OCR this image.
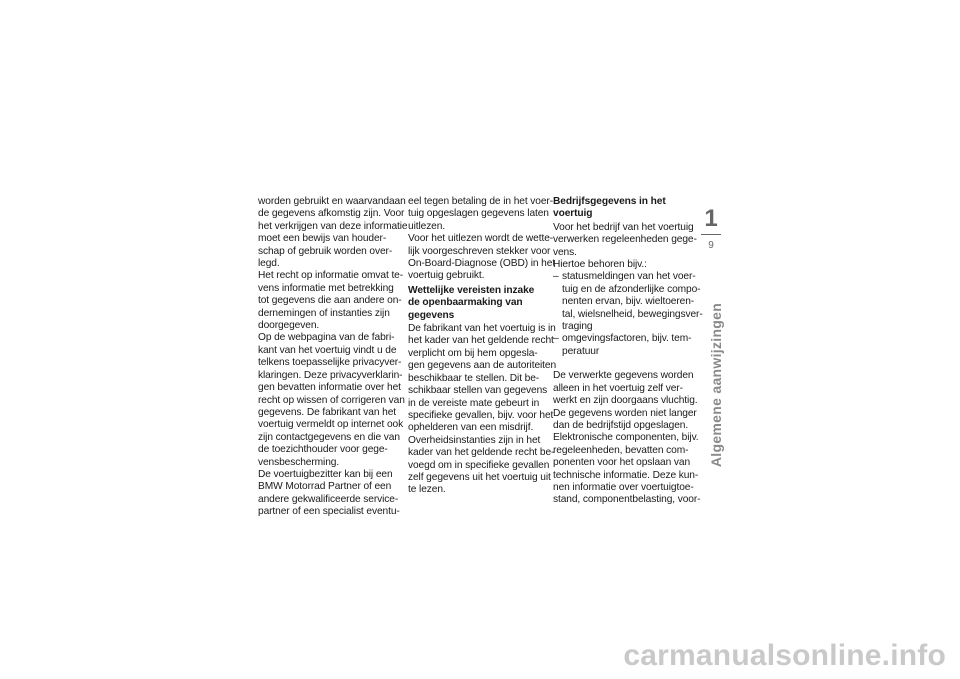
worden gebruikt en waarvandaan
de gegevens afkomstig zijn. Voor
het verkrijgen van deze informatie
moet een bewijs van houder-
schap of gebruik worden over-
legd.
Het recht op informatie omvat te-
vens informatie met betrekking
tot gegevens die aan andere on-
dernemingen of instanties zijn
doorgegeven.
Op de webpagina van de fabri-
kant van het voertuig vindt u de
telkens toepasselijke privacyver-
klaringen. Deze privacyverklarin-
gen bevatten informatie over het
recht op wissen of corrigeren van
gegevens. De fabrikant van het
voertuig vermeldt op internet ook
zijn contactgegevens en die van
de toezichthouder voor gege-
vensbescherming.
De voertuigbezitter kan bij een
BMW Motorrad Partner of een
andere gekwalificeerde service-
partner of een specialist eventu-
eel tegen betaling de in het voer-
tuig opgeslagen gegevens laten
uitlezen.
Voor het uitlezen wordt de wette-
lijk voorgeschreven stekker voor
On-Board-Diagnose (OBD) in het
voertuig gebruikt.
Wettelijke vereisten inzake
de openbaarmaking van
gegevens
De fabrikant van het voertuig is in
het kader van het geldende recht
verplicht om bij hem opgesla-
gen gegevens aan de autoriteiten
beschikbaar te stellen. Dit be-
schikbaar stellen van gegevens
in de vereiste mate gebeurt in
specifieke gevallen, bijv. voor het
ophelderen van een misdrijf.
Overheidsinstanties zijn in het
kader van het geldende recht be-
voegd om in specifieke gevallen
zelf gegevens uit het voertuig uit
te lezen.
Bedrijfsgegevens in het
voertuig
Voor het bedrijf van het voertuig
verwerken regeleenheden gege-
vens.
Hiertoe behoren bijv.:
– statusmeldingen van het voer-
tuig en de afzonderlijke compo-
nenten ervan, bijv. wieltoeren-
tal, wielsnelheid, bewegingsver-
traging
– omgevingsfactoren, bijv. tem-
peratuur
De verwerkte gegevens worden
alleen in het voertuig zelf ver-
werkt en zijn doorgaans vluchtig.
De gegevens worden niet langer
dan de bedrijfstijd opgeslagen.
Elektronische componenten, bijv.
regeleenheden, bevatten com-
ponenten voor het opslaan van
technische informatie. Deze kun-
nen informatie over voertuigtoe-
stand, componentbelasting, voor-
1
9
Algemene aanwijzingen
carmanualsonline.info
